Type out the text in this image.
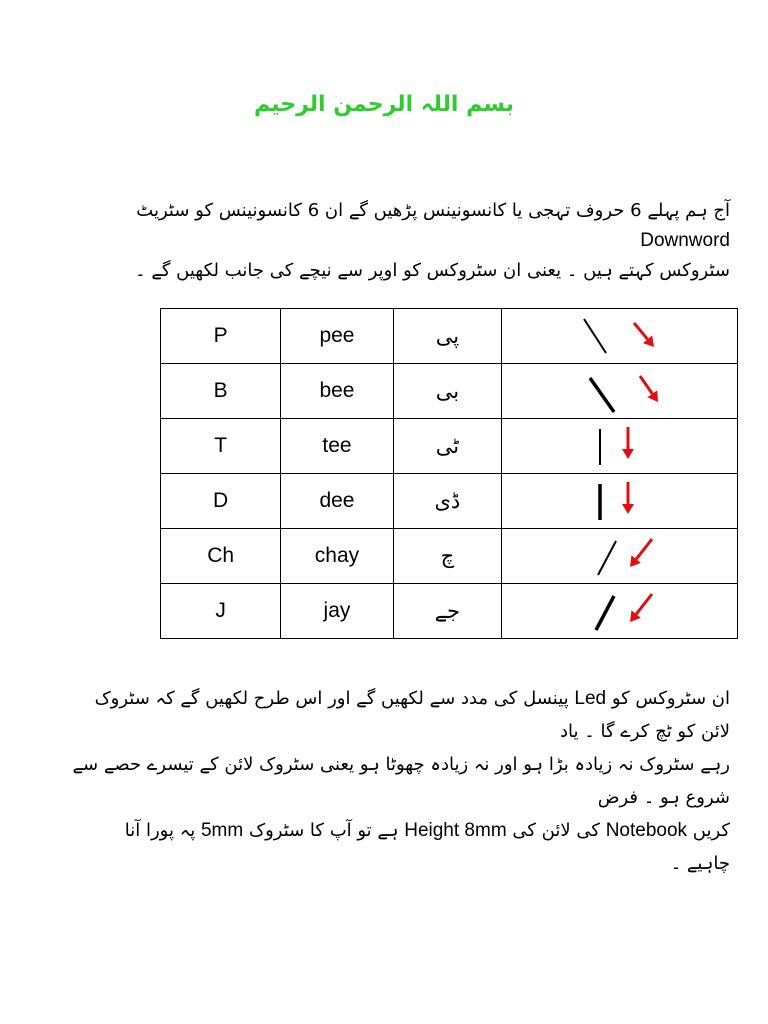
بسم اللہ الرحمن الرحیم
آج ہم پہلے 6 حروف تہجی یا کانسونینس پڑھیں گے ان 6 کانسونینس کو سٹریٹ Downword
سٹروکس کہتے ہیں ۔ یعنی ان سٹروکس کو اوپر سے نیچے کی جانب لکھیں گے ۔
P	pee	پی	

B	bee	بی	

T	tee	ٹی	

D	dee	ڈی	

Ch	chay	چ	

J	jay	جے	
ان سٹروکس کو Led پینسل کی مدد سے لکھیں گے اور اس طرح لکھیں گے کہ سٹروک لائن کو ٹچ کرے گا ۔ یاد
رہے سٹروک نہ زیادہ بڑا ہو اور نہ زیادہ چھوٹا ہو یعنی سٹروک لائن کے تیسرے حصے سے شروع ہو ۔ فرض
کریں Notebook کی لائن کی Height 8mm ہے تو آپ کا سٹروک 5mm پہ پورا آنا
چاہیے ۔
